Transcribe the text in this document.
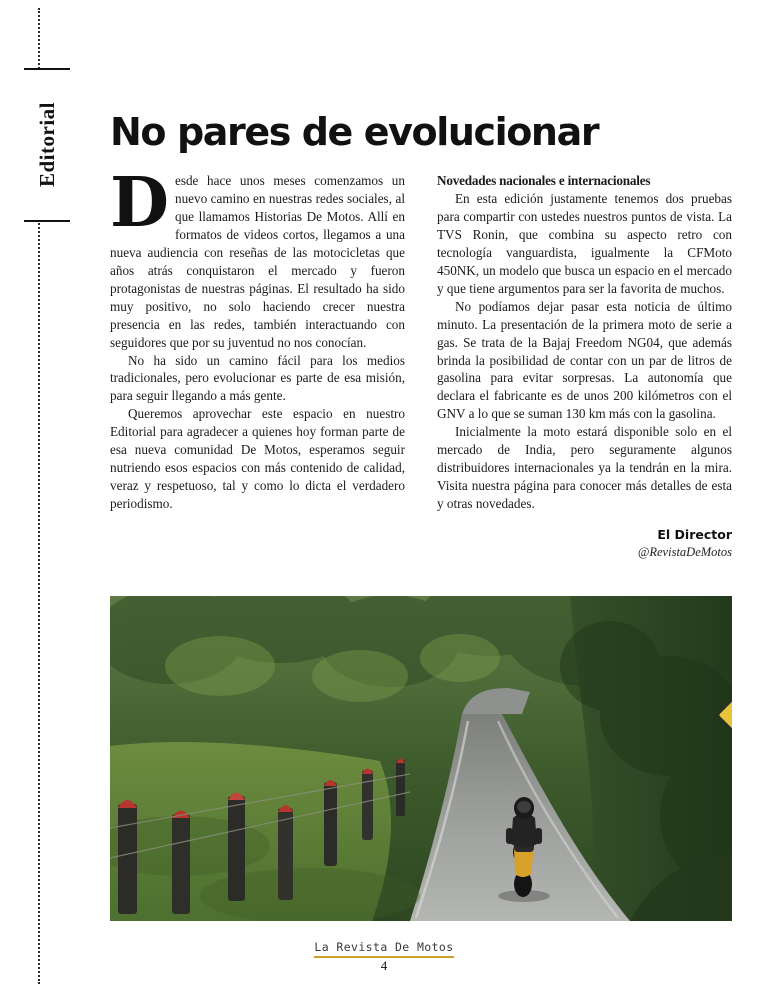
Editorial No pares de evolucionar

Desde hace unos meses comenzamos un nuevo camino en nuestras redes sociales, al que llamamos Historias De Motos. Allí en formatos de videos cortos, llegamos a una nueva audiencia con reseñas de las motocicletas que años atrás conquistaron el mercado y fueron protagonistas de nuestras páginas. El resultado ha sido muy positivo, no solo haciendo crecer nuestra presencia en las redes, también interactuando con seguidores que por su juventud no nos conocían.

No ha sido un camino fácil para los medios tradicionales, pero evolucionar es parte de esa misión, para seguir llegando a más gente.

Queremos aprovechar este espacio en nuestro Editorial para agradecer a quienes hoy forman parte de esa nueva comunidad De Motos, esperamos seguir nutriendo esos espacios con más contenido de calidad, veraz y respetuoso, tal y como lo dicta el verdadero periodismo.

Novedades nacionales e internacionales

En esta edición justamente tenemos dos pruebas para compartir con ustedes nuestros puntos de vista. La TVS Ronin, que combina su aspecto retro con tecnología vanguardista, igualmente la CFMoto 450NK, un modelo que busca un espacio en el mercado y que tiene argumentos para ser la favorita de muchos.

No podíamos dejar pasar esta noticia de último minuto. La presentación de la primera moto de serie a gas. Se trata de la Bajaj Freedom NG04, que además brinda la posibilidad de contar con un par de litros de gasolina para evitar sorpresas. La autonomía que declara el fabricante es de unos 200 kilómetros con el GNV a lo que se suman 130 km más con la gasolina.

Inicialmente la moto estará disponible solo en el mercado de India, pero seguramente algunos distribuidores internacionales ya la tendrán en la mira. Visita nuestra página para conocer más detalles de esta y otras novedades.

El Director
@RevistaDeMotos
La Revista De Motos
4
